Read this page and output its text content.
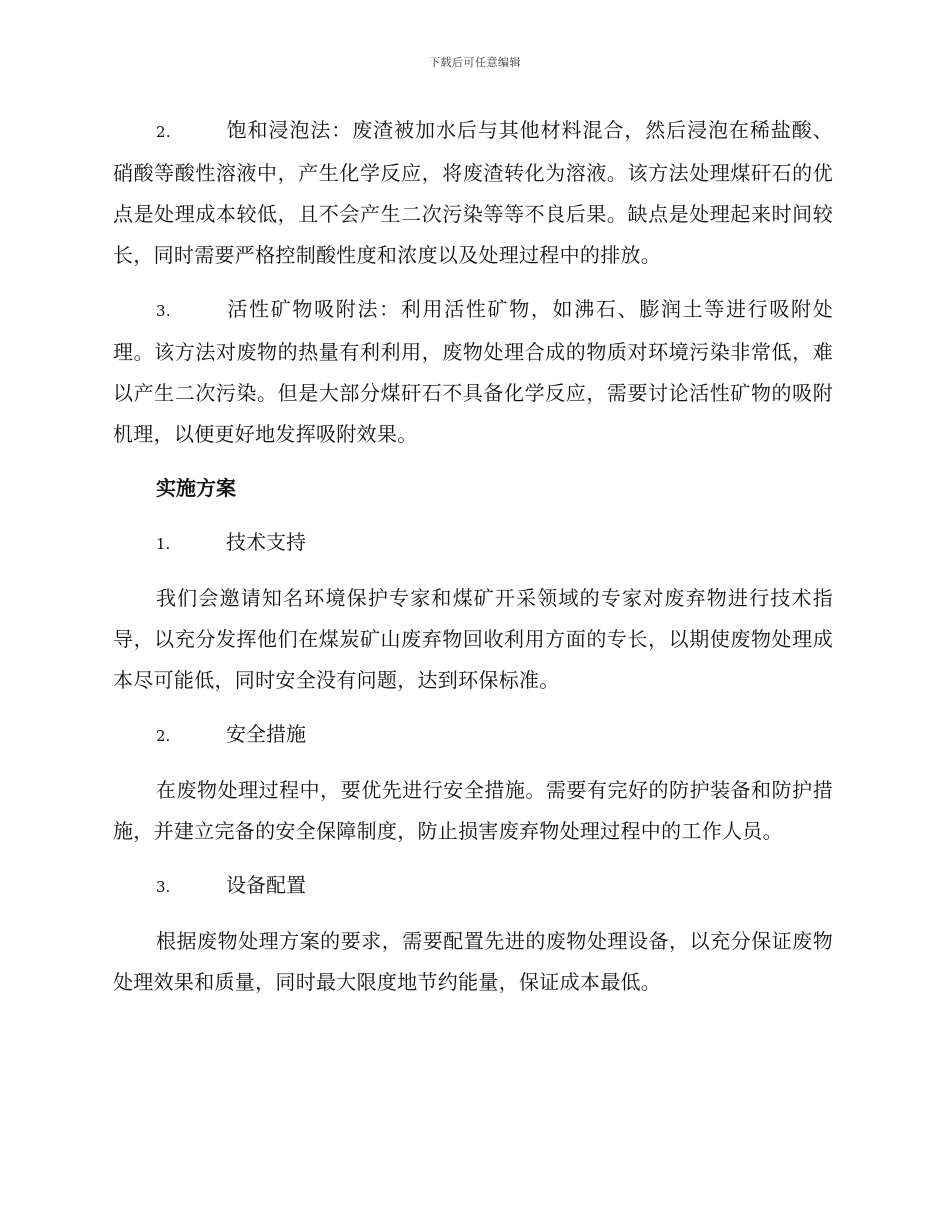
下载后可任意编辑

2.	饱和浸泡法：废渣被加水后与其他材料混合，然后浸泡在稀盐酸、硝酸等酸性溶液中，产生化学反应，将废渣转化为溶液。该方法处理煤矸石的优点是处理成本较低，且不会产生二次污染等等不良后果。缺点是处理起来时间较长，同时需要严格控制酸性度和浓度以及处理过程中的排放。

3.	活性矿物吸附法：利用活性矿物，如沸石、膨润土等进行吸附处理。该方法对废物的热量有利利用，废物处理合成的物质对环境污染非常低，难以产生二次污染。但是大部分煤矸石不具备化学反应，需要讨论活性矿物的吸附机理，以便更好地发挥吸附效果。

实施方案
1.	技术支持

我们会邀请知名环境保护专家和煤矿开采领域的专家对废弃物进行技术指导，以充分发挥他们在煤炭矿山废弃物回收利用方面的专长，以期使废物处理成本尽可能低，同时安全没有问题，达到环保标准。

2.	安全措施

在废物处理过程中，要优先进行安全措施。需要有完好的防护装备和防护措施，并建立完备的安全保障制度，防止损害废弃物处理过程中的工作人员。

3.	设备配置

根据废物处理方案的要求，需要配置先进的废物处理设备，以充分保证废物处理效果和质量，同时最大限度地节约能量，保证成本最低。
